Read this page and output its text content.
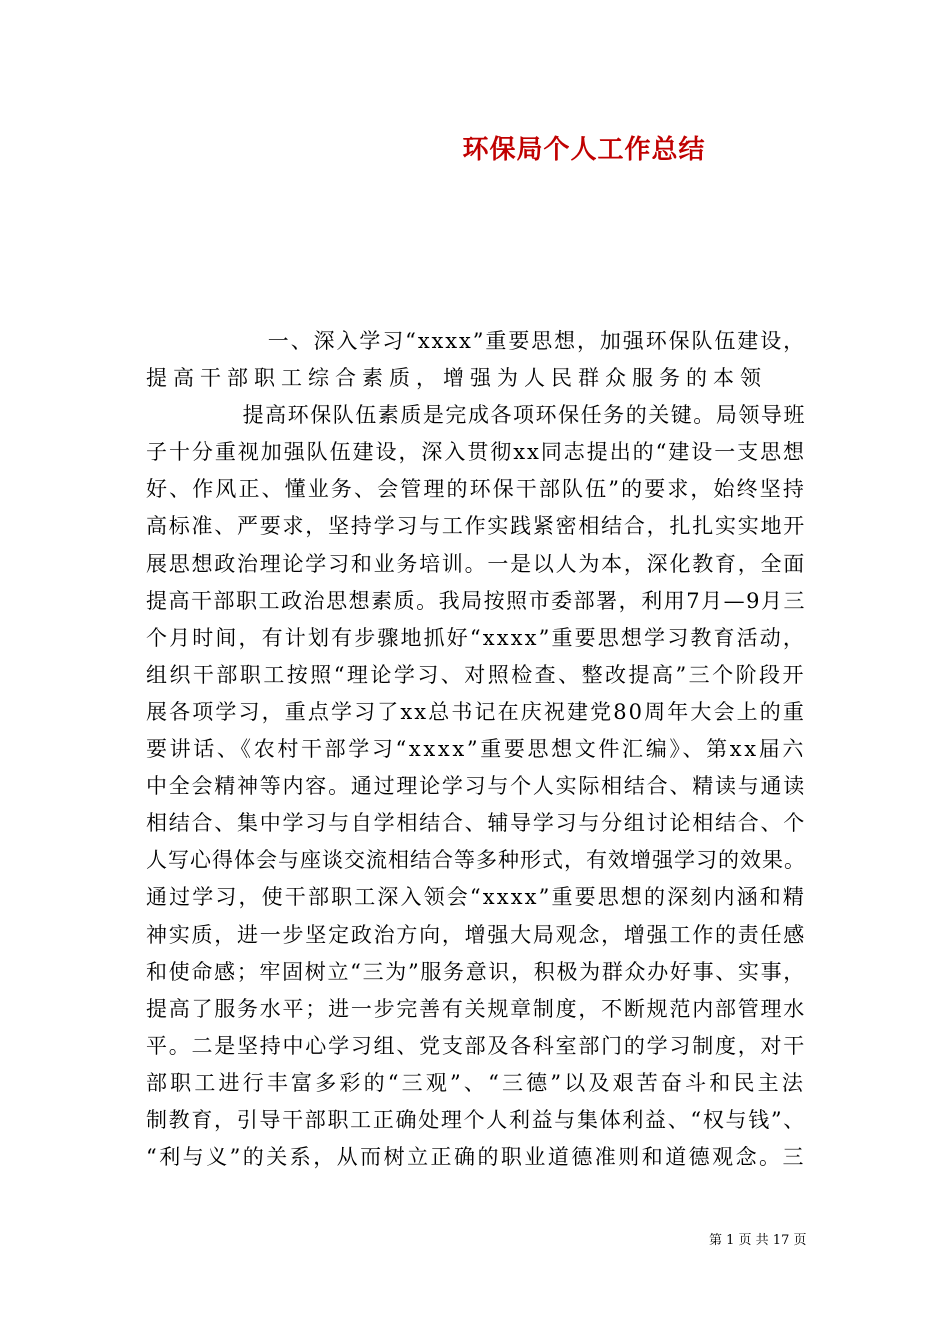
环保局个人工作总结
一、深入学习“xxxx”重要思想，加强环保队伍建设，
提高干部职工综合素质，增强为人民群众服务的本领
提高环保队伍素质是完成各项环保任务的关键。局领导班
子十分重视加强队伍建设，深入贯彻xx同志提出的“建设一支思想
好、作风正、懂业务、会管理的环保干部队伍”的要求，始终坚持
高标准、严要求，坚持学习与工作实践紧密相结合，扎扎实实地开
展思想政治理论学习和业务培训。一是以人为本，深化教育，全面
提高干部职工政治思想素质。我局按照市委部署，利用7月—9月三
个月时间，有计划有步骤地抓好“xxxx”重要思想学习教育活动，
组织干部职工按照“理论学习、对照检查、整改提高”三个阶段开
展各项学习，重点学习了xx总书记在庆祝建党80周年大会上的重
要讲话、《农村干部学习“xxxx”重要思想文件汇编》、第xx届六
中全会精神等内容。通过理论学习与个人实际相结合、精读与通读
相结合、集中学习与自学相结合、辅导学习与分组讨论相结合、个
人写心得体会与座谈交流相结合等多种形式，有效增强学习的效果。
通过学习，使干部职工深入领会“xxxx”重要思想的深刻内涵和精
神实质，进一步坚定政治方向，增强大局观念，增强工作的责任感
和使命感；牢固树立“三为”服务意识，积极为群众办好事、实事，
提高了服务水平；进一步完善有关规章制度，不断规范内部管理水
平。二是坚持中心学习组、党支部及各科室部门的学习制度，对干
部职工进行丰富多彩的“三观”、“三德”以及艰苦奋斗和民主法
制教育，引导干部职工正确处理个人利益与集体利益、“权与钱”、
“利与义”的关系，从而树立正确的职业道德准则和道德观念。三
第 1 页 共 17 页
